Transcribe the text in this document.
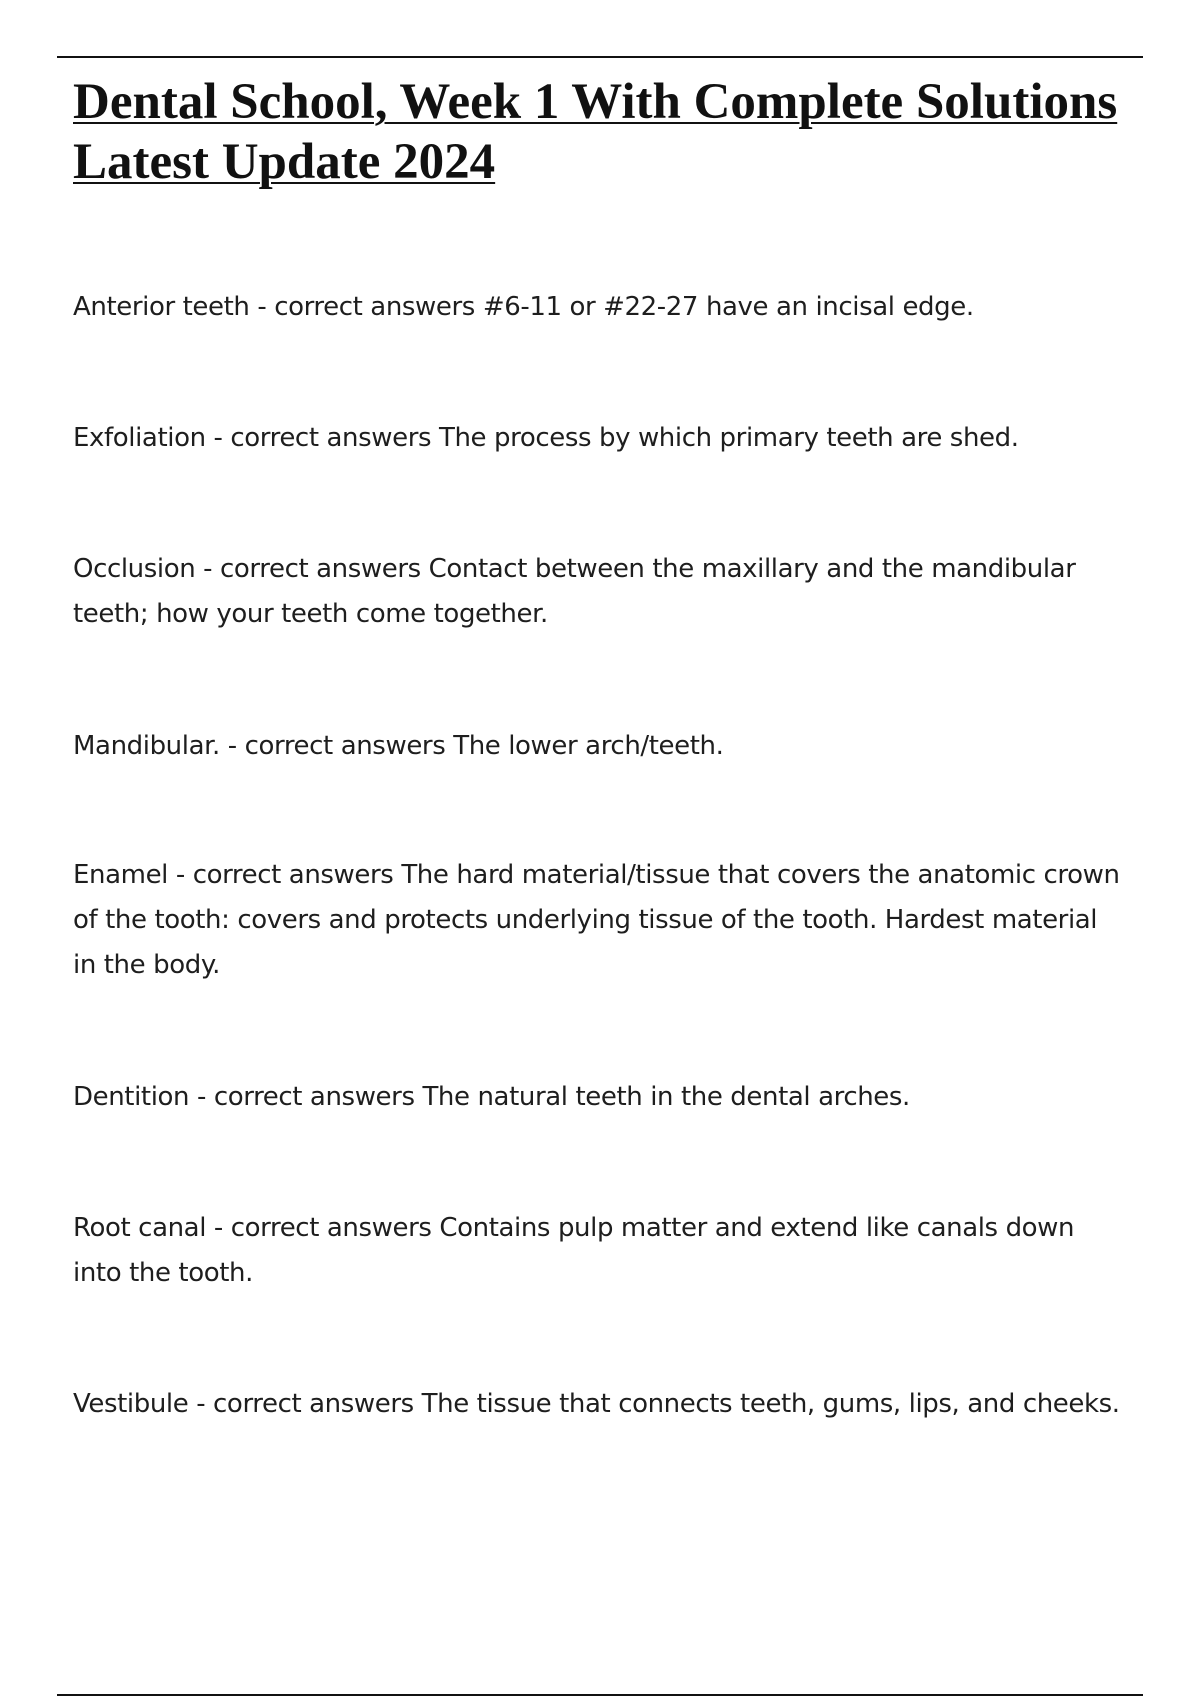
Dental School, Week 1 With Complete Solutions
Latest Update 2024

Anterior teeth - correct answers #6-11 or #22-27 have an incisal edge.

Exfoliation - correct answers The process by which primary teeth are shed.

Occlusion - correct answers Contact between the maxillary and the mandibular
teeth; how your teeth come together.

Mandibular. - correct answers The lower arch/teeth.

Enamel - correct answers The hard material/tissue that covers the anatomic crown
of the tooth: covers and protects underlying tissue of the tooth. Hardest material
in the body.

Dentition - correct answers The natural teeth in the dental arches.

Root canal - correct answers Contains pulp matter and extend like canals down
into the tooth.

Vestibule - correct answers The tissue that connects teeth, gums, lips, and cheeks.
